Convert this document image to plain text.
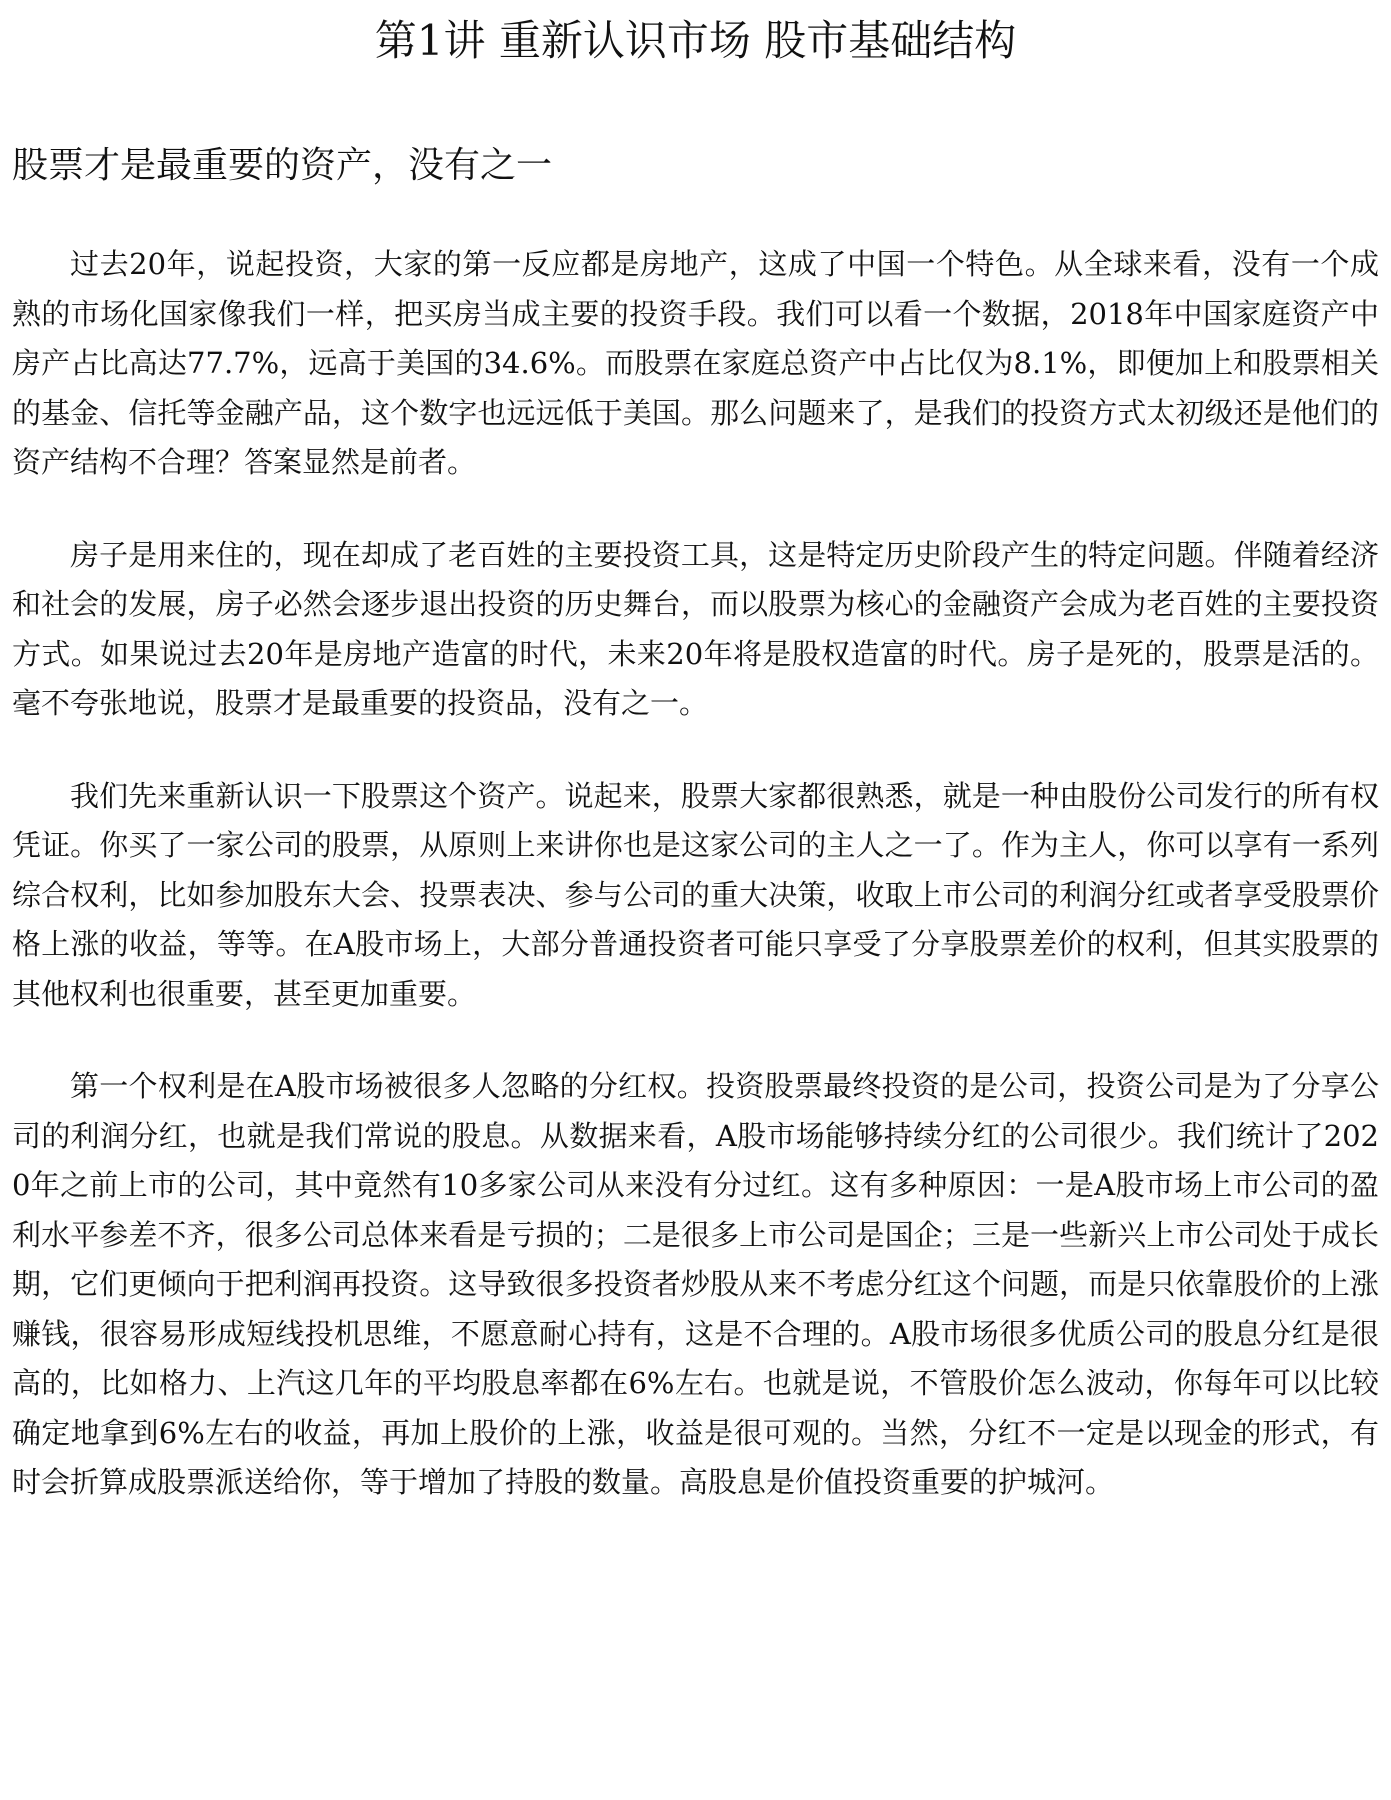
第1讲 重新认识市场 股市基础结构
股票才是最重要的资产，没有之一

过去20年，说起投资，大家的第一反应都是房地产，这成了中国一个特色。从全球来看，没有一个成熟的市场化国家像我们一样，把买房当成主要的投资手段。我们可以看一个数据，2018年中国家庭资产中房产占比高达77.7%，远高于美国的34.6%。而股票在家庭总资产中占比仅为8.1%，即便加上和股票相关的基金、信托等金融产品，这个数字也远远低于美国。那么问题来了，是我们的投资方式太初级还是他们的资产结构不合理？答案显然是前者。

房子是用来住的，现在却成了老百姓的主要投资工具，这是特定历史阶段产生的特定问题。伴随着经济和社会的发展，房子必然会逐步退出投资的历史舞台，而以股票为核心的金融资产会成为老百姓的主要投资方式。如果说过去20年是房地产造富的时代，未来20年将是股权造富的时代。房子是死的，股票是活的。毫不夸张地说，股票才是最重要的投资品，没有之一。

我们先来重新认识一下股票这个资产。说起来，股票大家都很熟悉，就是一种由股份公司发行的所有权凭证。你买了一家公司的股票，从原则上来讲你也是这家公司的主人之一了。作为主人，你可以享有一系列综合权利，比如参加股东大会、投票表决、参与公司的重大决策，收取上市公司的利润分红或者享受股票价格上涨的收益，等等。在A股市场上，大部分普通投资者可能只享受了分享股票差价的权利，但其实股票的其他权利也很重要，甚至更加重要。

第一个权利是在A股市场被很多人忽略的分红权。投资股票最终投资的是公司，投资公司是为了分享公司的利润分红，也就是我们常说的股息。从数据来看，A股市场能够持续分红的公司很少。我们统计了2020年之前上市的公司，其中竟然有10多家公司从来没有分过红。这有多种原因：一是A股市场上市公司的盈利水平参差不齐，很多公司总体来看是亏损的；二是很多上市公司是国企；三是一些新兴上市公司处于成长期，它们更倾向于把利润再投资。这导致很多投资者炒股从来不考虑分红这个问题，而是只依靠股价的上涨赚钱，很容易形成短线投机思维，不愿意耐心持有，这是不合理的。A股市场很多优质公司的股息分红是很高的，比如格力、上汽这几年的平均股息率都在6%左右。也就是说，不管股价怎么波动，你每年可以比较确定地拿到6%左右的收益，再加上股价的上涨，收益是很可观的。当然，分红不一定是以现金的形式，有时会折算成股票派送给你，等于增加了持股的数量。高股息是价值投资重要的护城河。
